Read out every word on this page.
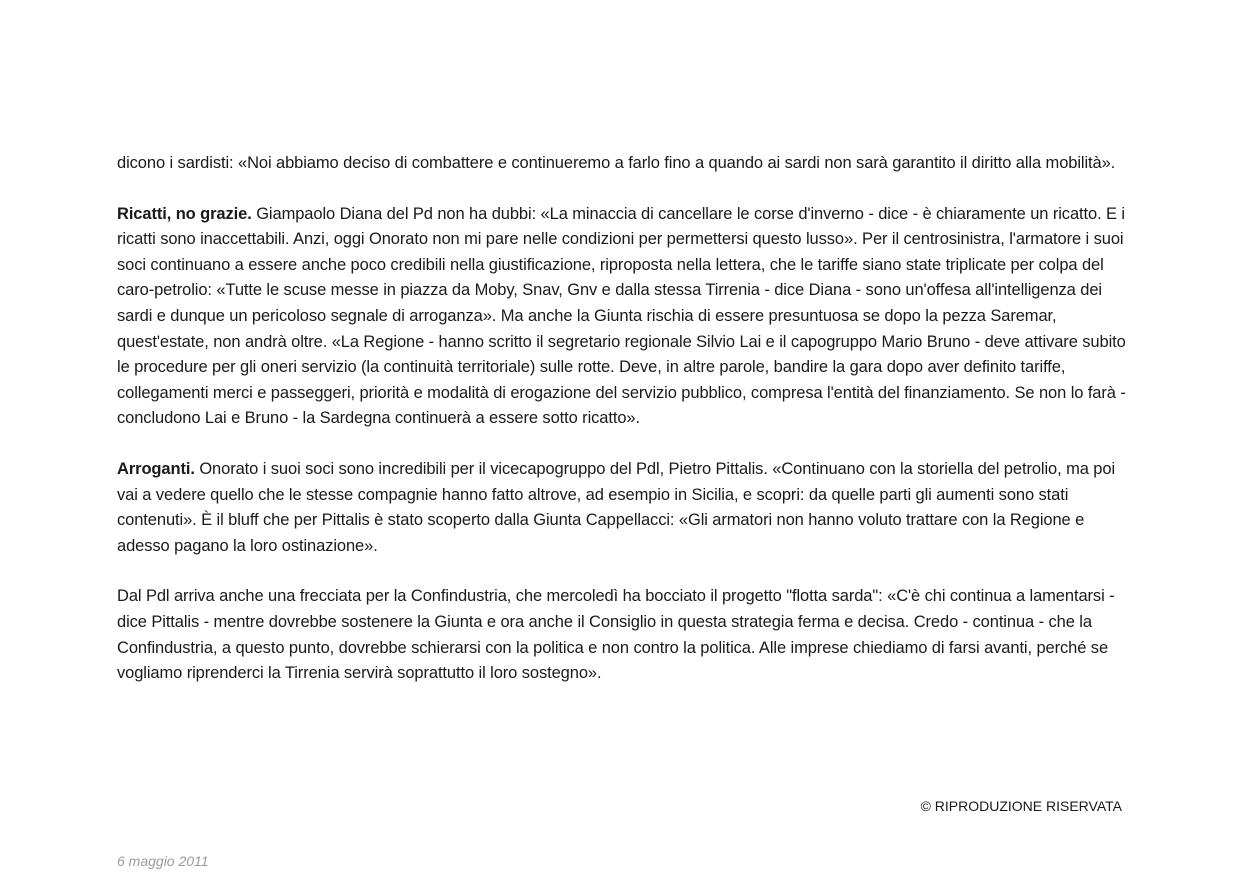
dicono i sardisti: «Noi abbiamo deciso di combattere e continueremo a farlo fino a quando ai sardi non sarà garantito il diritto alla mobilità».

Ricatti, no grazie. Giampaolo Diana del Pd non ha dubbi: «La minaccia di cancellare le corse d'inverno - dice - è chiaramente un ricatto. E i ricatti sono inaccettabili. Anzi, oggi Onorato non mi pare nelle condizioni per permettersi questo lusso». Per il centrosinistra, l'armatore i suoi soci continuano a essere anche poco credibili nella giustificazione, riproposta nella lettera, che le tariffe siano state triplicate per colpa del caro-petrolio: «Tutte le scuse messe in piazza da Moby, Snav, Gnv e dalla stessa Tirrenia - dice Diana - sono un'offesa all'intelligenza dei sardi e dunque un pericoloso segnale di arroganza». Ma anche la Giunta rischia di essere presuntuosa se dopo la pezza Saremar, quest'estate, non andrà oltre. «La Regione - hanno scritto il segretario regionale Silvio Lai e il capogruppo Mario Bruno - deve attivare subito le procedure per gli oneri servizio (la continuità territoriale) sulle rotte. Deve, in altre parole, bandire la gara dopo aver definito tariffe, collegamenti merci e passeggeri, priorità e modalità di erogazione del servizio pubblico, compresa l'entità del finanziamento. Se non lo farà - concludono Lai e Bruno - la Sardegna continuerà a essere sotto ricatto».

Arroganti. Onorato i suoi soci sono incredibili per il vicecapogruppo del Pdl, Pietro Pittalis. «Continuano con la storiella del petrolio, ma poi vai a vedere quello che le stesse compagnie hanno fatto altrove, ad esempio in Sicilia, e scopri: da quelle parti gli aumenti sono stati contenuti». È il bluff che per Pittalis è stato scoperto dalla Giunta Cappellacci: «Gli armatori non hanno voluto trattare con la Regione e adesso pagano la loro ostinazione».

Dal Pdl arriva anche una frecciata per la Confindustria, che mercoledì ha bocciato il progetto "flotta sarda": «C'è chi continua a lamentarsi - dice Pittalis - mentre dovrebbe sostenere la Giunta e ora anche il Consiglio in questa strategia ferma e decisa. Credo - continua - che la Confindustria, a questo punto, dovrebbe schierarsi con la politica e non contro la politica. Alle imprese chiediamo di farsi avanti, perché se vogliamo riprenderci la Tirrenia servirà soprattutto il loro sostegno».

© RIPRODUZIONE RISERVATA
6 maggio 2011
